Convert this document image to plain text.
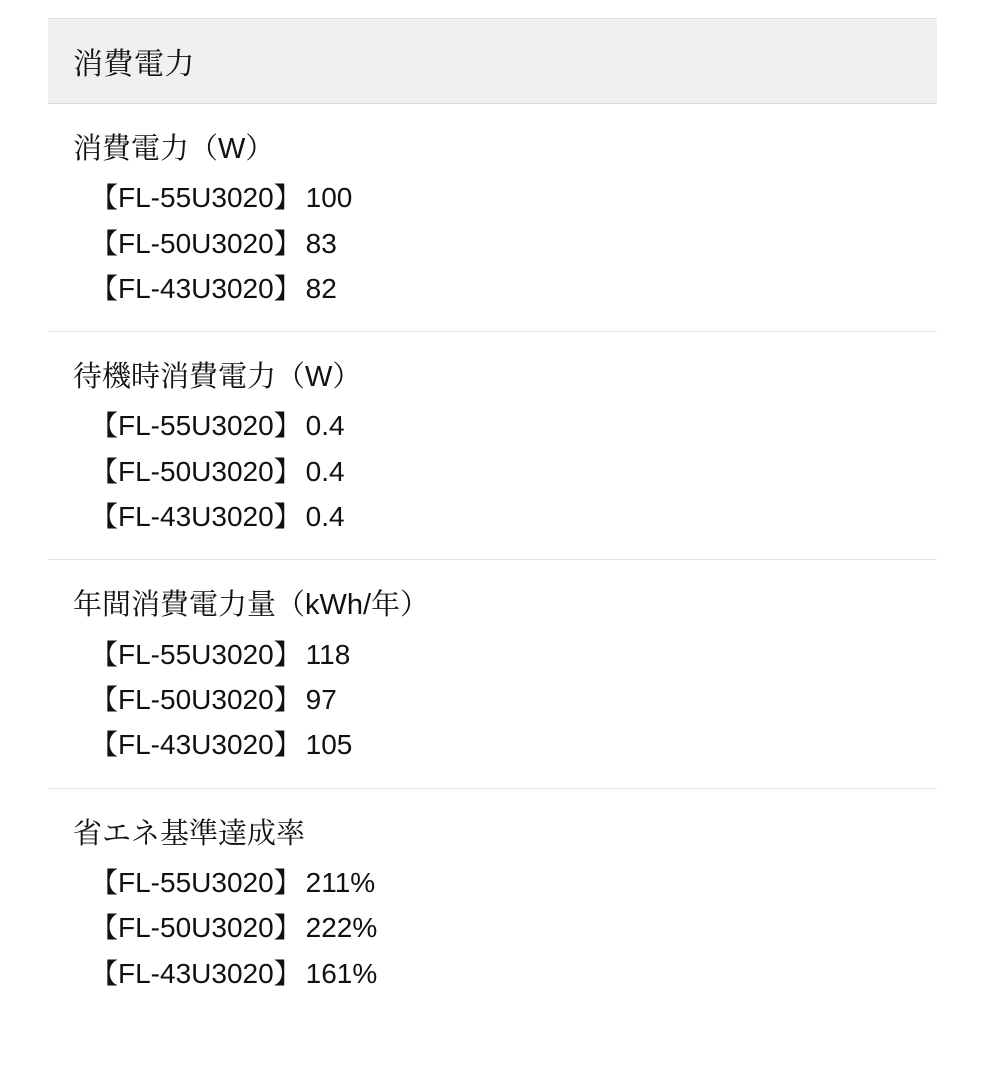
消費電力
消費電力（W）
【FL-55U3020】 100
【FL-50U3020】 83
【FL-43U3020】 82
待機時消費電力（W）
【FL-55U3020】 0.4
【FL-50U3020】 0.4
【FL-43U3020】 0.4
年間消費電力量（kWh/年）
【FL-55U3020】 118
【FL-50U3020】 97
【FL-43U3020】 105
省エネ基準達成率
【FL-55U3020】 211%
【FL-50U3020】 222%
【FL-43U3020】 161%
